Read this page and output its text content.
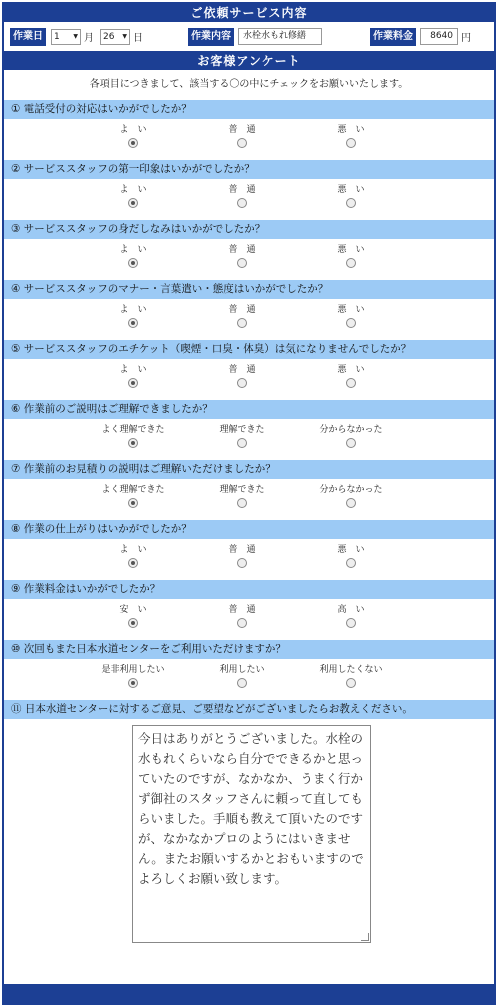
ご依頼サービス内容
作業日	1 ▼ 月 26 ▼ 日	作業内容	水栓水もれ修繕	作業料金	8640 円
お客様アンケート
各項目につきまして、該当する〇の中にチェックをお願いいたします。
① 電話受付の対応はいかがでしたか？
よ　い	普　通	悪　い
② サービススタッフの第一印象はいかがでしたか？
よ　い	普　通	悪　い
③ サービススタッフの身だしなみはいかがでしたか？
よ　い	普　通	悪　い
④ サービススタッフのマナー・言葉遣い・態度はいかがでしたか？
よ　い	普　通	悪　い
⑤ サービススタッフのエチケット（喫煙・口臭・体臭）は気になりませんでしたか？
よ　い	普　通	悪　い
⑥ 作業前のご説明はご理解できましたか？
よく理解できた	理解できた	分からなかった
⑦ 作業前のお見積りの説明はご理解いただけましたか？
よく理解できた	理解できた	分からなかった
⑧ 作業の仕上がりはいかがでしたか？
よ　い	普　通	悪　い
⑨ 作業料金はいかがでしたか？
安　い	普　通	高　い
⑩ 次回もまた日本水道センターをご利用いただけますか？
是非利用したい	利用したい	利用したくない
⑪ 日本水道センターに対するご意見、ご要望などがございましたらお教えください。
今日はありがとうございました。水栓の水もれくらいなら自分でできるかと思っていたのですが、なかなか、うまく行かず御社のスタッフさんに頼って直してもらいました。手順も教えて頂いたのですが、なかなかプロのようにはいきません。またお願いするかとおもいますのでよろしくお願い致します。
